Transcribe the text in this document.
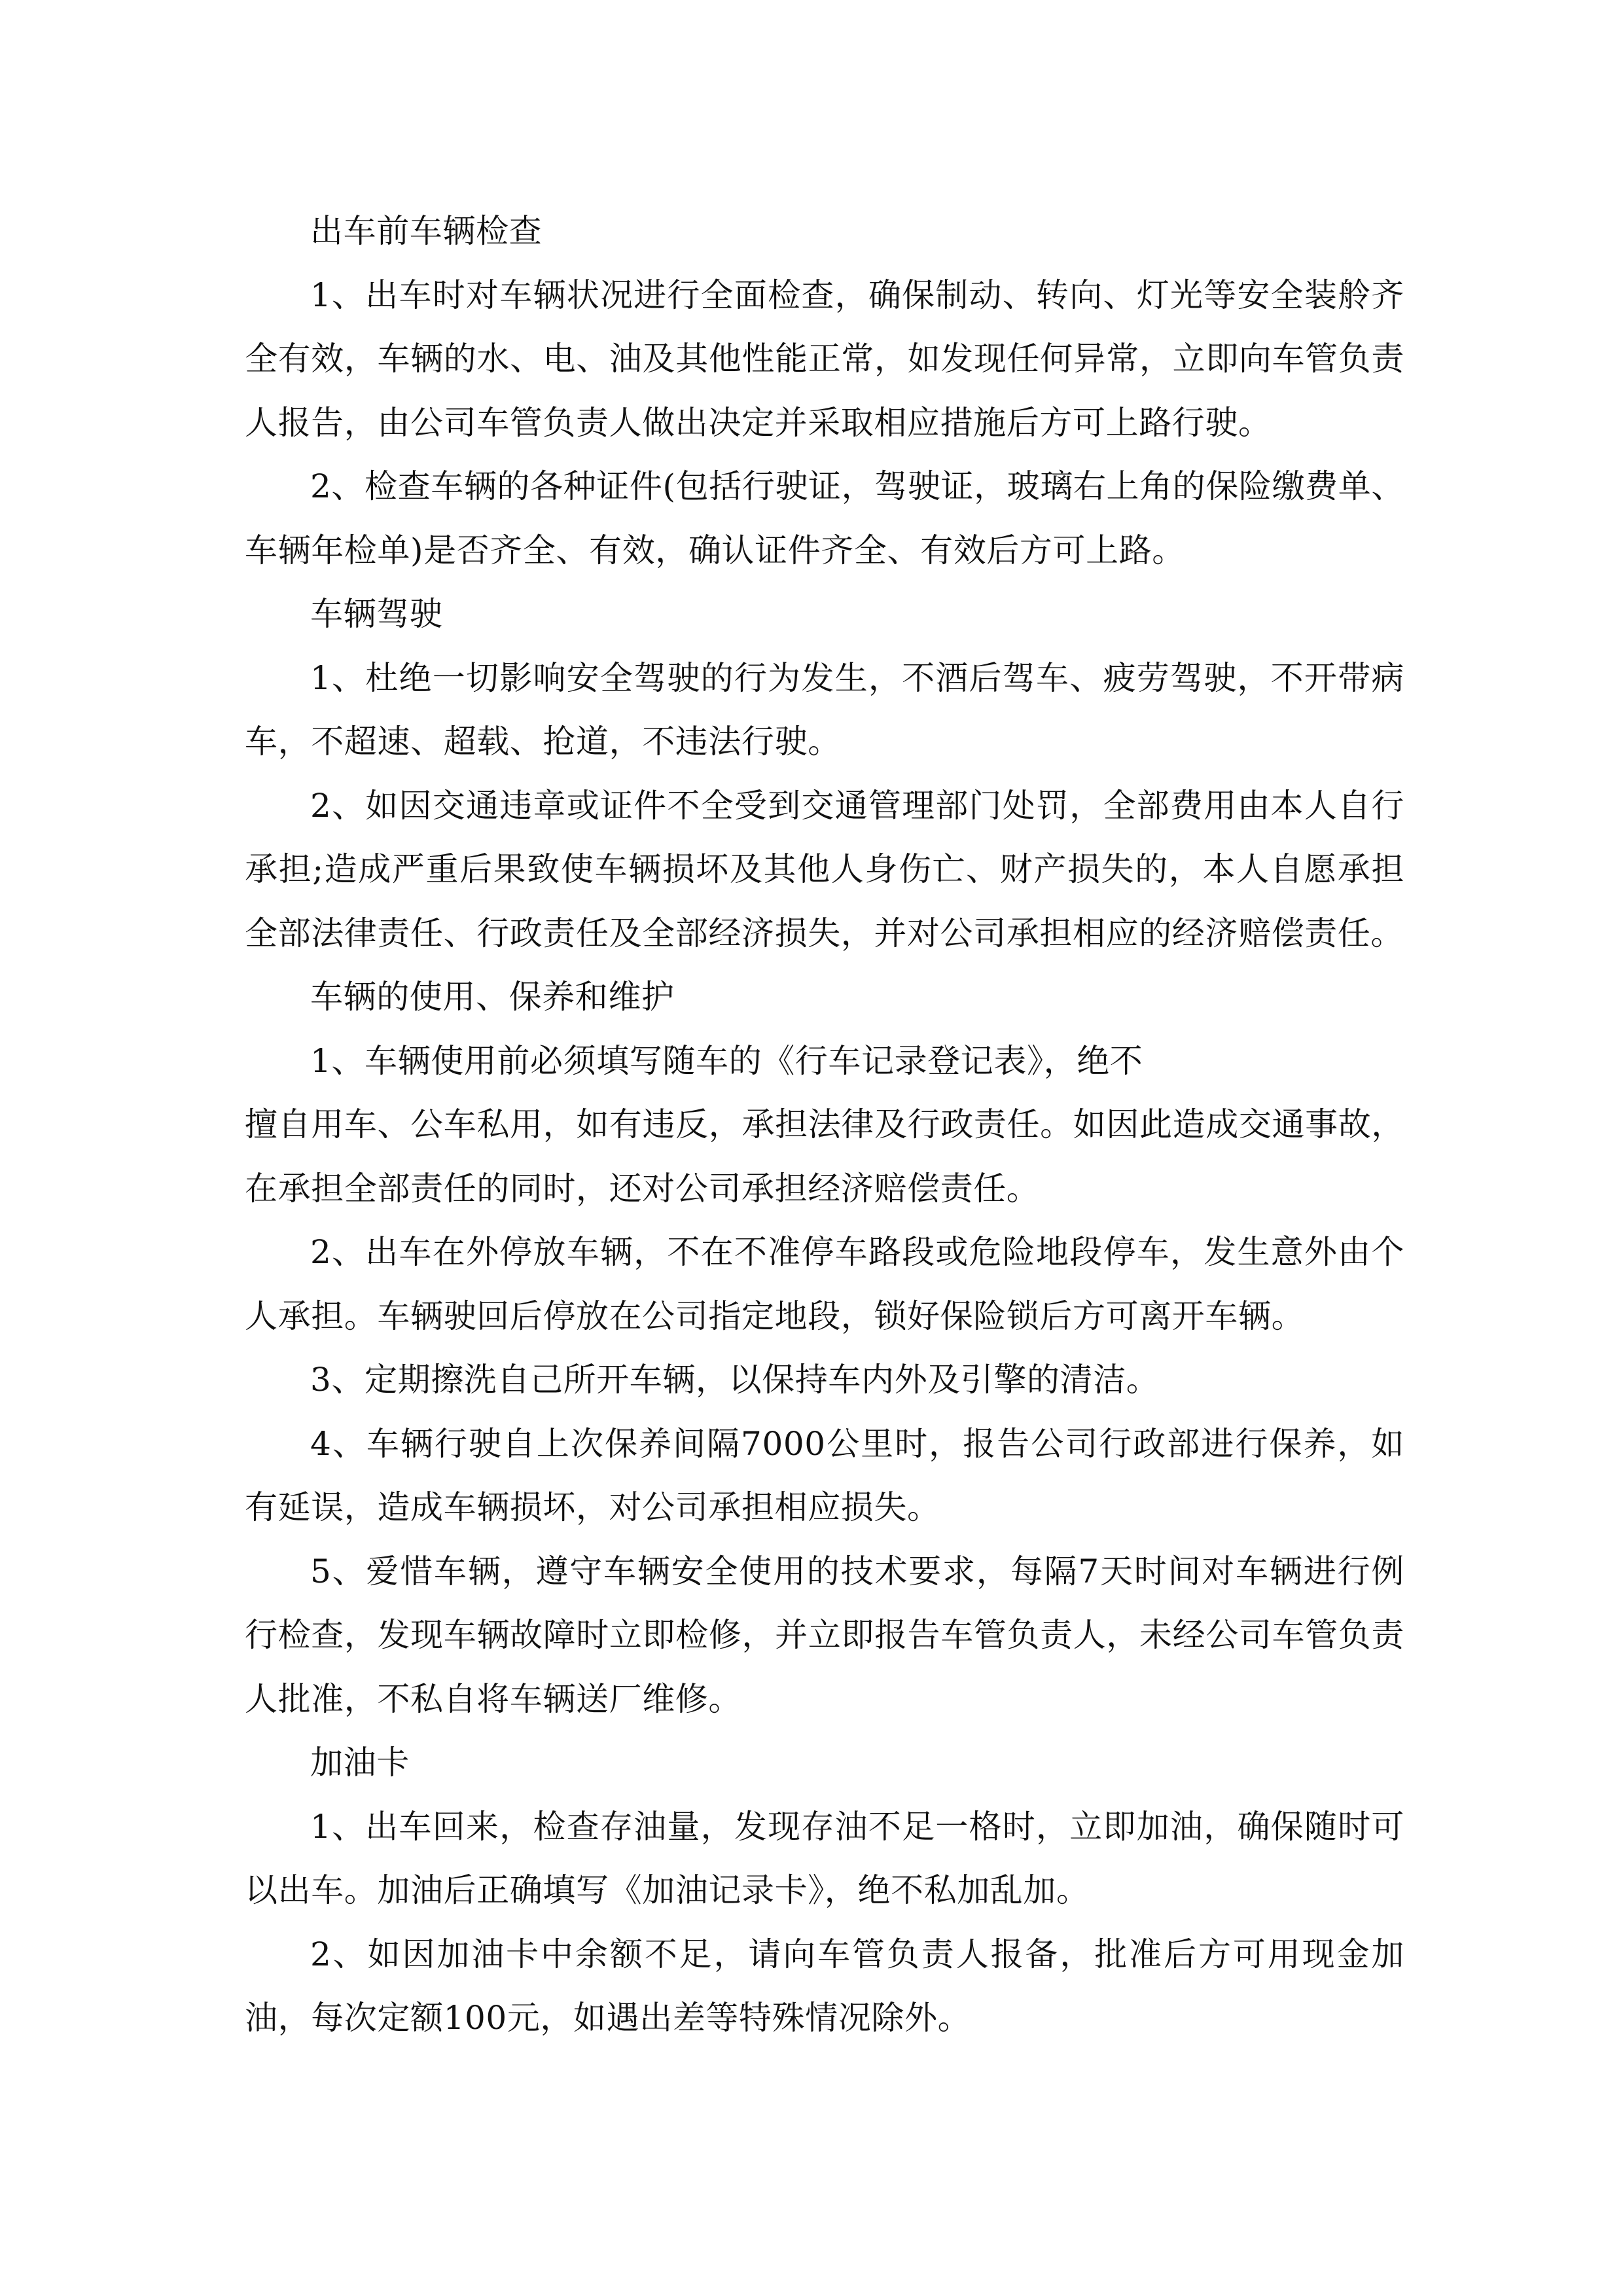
出车前车辆检查

1、出车时对车辆状况进行全面检查，确保制动、转向、灯光等安全装舲齐全有效，车辆的水、电、油及其他性能正常，如发现任何异常，立即向车管负责人报告，由公司车管负责人做出决定并采取相应措施后方可上路行驶。

2、检查车辆的各种证件(包括行驶证，驾驶证，玻璃右上角的保险缴费单、车辆年检单)是否齐全、有效，确认证件齐全、有效后方可上路。

车辆驾驶

1、杜绝一切影响安全驾驶的行为发生，不酒后驾车、疲劳驾驶，不开带病车，不超速、超载、抢道，不违法行驶。

2、如因交通违章或证件不全受到交通管理部门处罚，全部费用由本人自行承担;造成严重后果致使车辆损坏及其他人身伤亡、财产损失的，本人自愿承担全部法律责任、行政责任及全部经济损失，并对公司承担相应的经济赔偿责任。

车辆的使用、保养和维护

1、车辆使用前必须填写随车的《行车记录登记表》，绝不

擅自用车、公车私用，如有违反，承担法律及行政责任。如因此造成交通事故，在承担全部责任的同时，还对公司承担经济赔偿责任。

2、出车在外停放车辆，不在不准停车路段或危险地段停车，发生意外由个人承担。车辆驶回后停放在公司指定地段，锁好保险锁后方可离开车辆。

3、定期擦洗自己所开车辆，以保持车内外及引擎的清洁。

4、车辆行驶自上次保养间隔7000公里时，报告公司行政部进行保养，如有延误，造成车辆损坏，对公司承担相应损失。

5、爱惜车辆，遵守车辆安全使用的技术要求，每隔7天时间对车辆进行例行检查，发现车辆故障时立即检修，并立即报告车管负责人，未经公司车管负责人批准，不私自将车辆送厂维修。

加油卡

1、出车回来，检查存油量，发现存油不足一格时，立即加油，确保随时可以出车。加油后正确填写《加油记录卡》，绝不私加乱加。

2、如因加油卡中余额不足，请向车管负责人报备，批准后方可用现金加油，每次定额100元，如遇出差等特殊情况除外。
